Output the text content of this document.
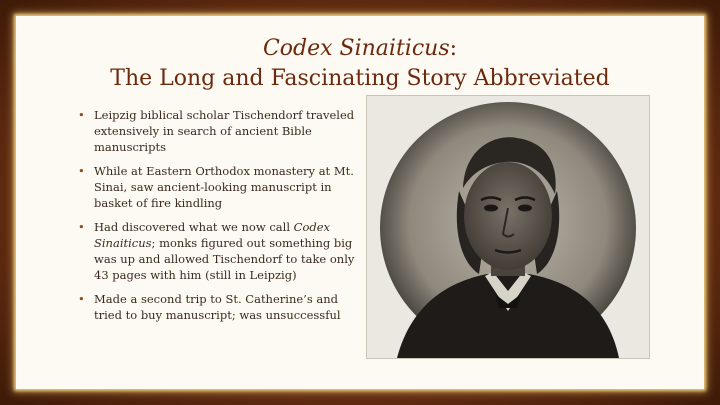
Codex Sinaiticus:
The Long and Fascinating Story Abbreviated
• Leipzig biblical scholar Tischendorf traveled extensively in search of ancient Bible manuscripts
• While at Eastern Orthodox monastery at Mt. Sinai, saw ancient-looking manuscript in basket of fire kindling
• Had discovered what we now call Codex Sinaiticus; monks figured out something big was up and allowed Tischendorf to take only 43 pages with him (still in Leipzig)
• Made a second trip to St. Catherine’s and tried to buy manuscript; was unsuccessful
